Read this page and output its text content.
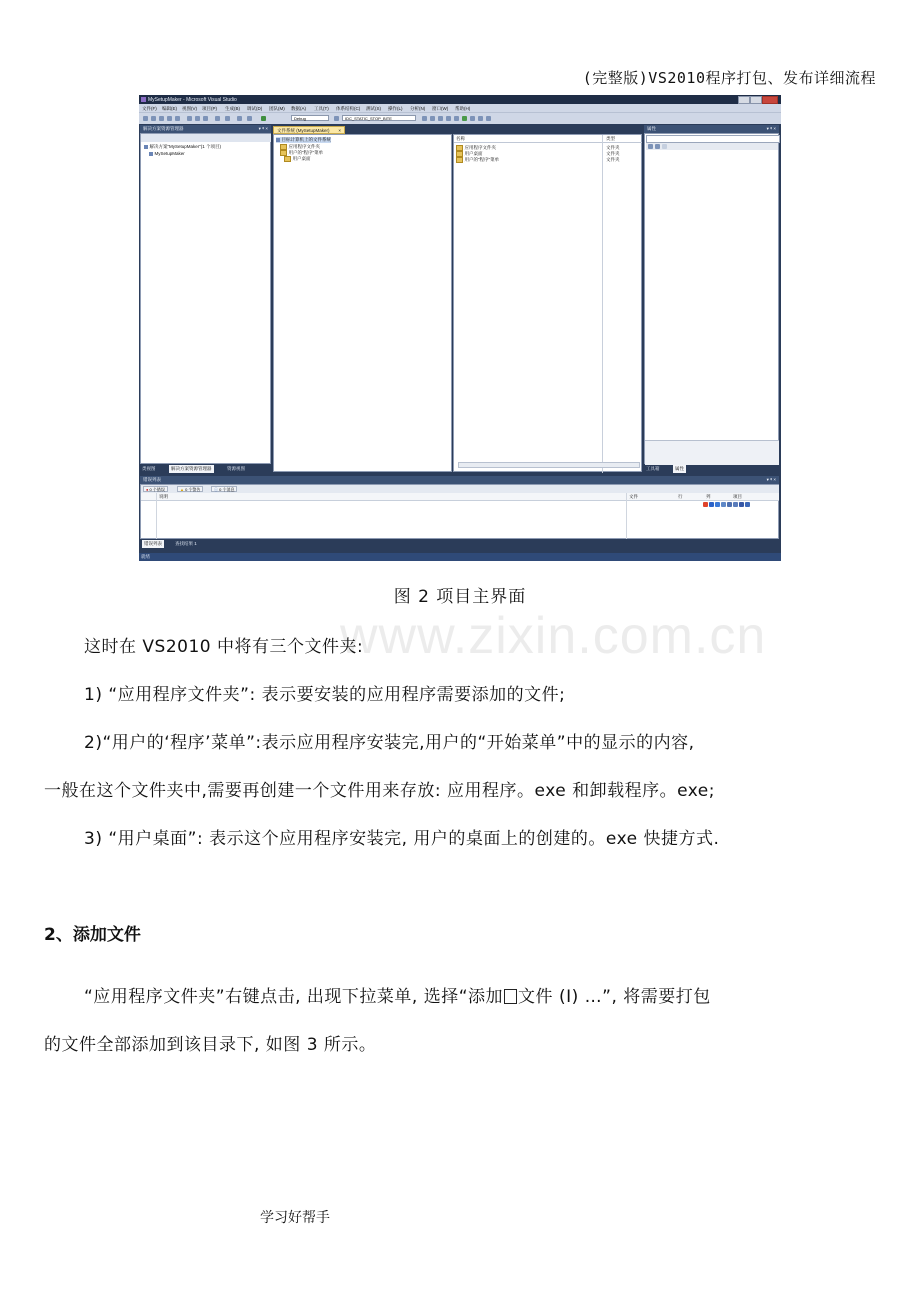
(完整版)VS2010程序打包、发布详细流程
MySetupMaker - Microsoft Visual Studio
文件(F) 编辑(E) 视图(V) 项目(P) 生成(B) 调试(D) 团队(M) 数据(A) 工具(T) 体系结构(C) 测试(S) 操作(L) 分析(N) 窗口(W) 帮助(H)
Debug	IDC_STATIC_STOP_BITE
解决方案资源管理器	▾ ᵠ ×
解决方案“MySetupMaker”(1 个项目)
MySetupMaker
类视图	解决方案资源管理器	资源视图
文件系统 (MySetupMaker) ×
目标计算机上的文件系统
应用程序文件夹
用户的“程序”菜单
用户桌面
名称	类型
应用程序文件夹	文件夹
用户桌面	文件夹
用户的“程序”菜单	文件夹
属性	▾ ᵠ ×
工具箱	属性
错误列表	▾ ᵠ ×
● 0 个错误	▲ 0 个警告	ⓘ 0 个消息
说明	文件	行	列	项目
错误列表	查找结果 1
就绪
图 2 项目主界面
www.zixin.com.cn
这时在 VS2010 中将有三个文件夹:
1) “应用程序文件夹”: 表示要安装的应用程序需要添加的文件;
2)“用户的‘程序’菜单”:表示应用程序安装完,用户的“开始菜单”中的显示的内容,
一般在这个文件夹中,需要再创建一个文件用来存放: 应用程序。exe 和卸载程序。exe;
3) “用户桌面”: 表示这个应用程序安装完, 用户的桌面上的创建的。exe 快捷方式.
2、添加文件
“应用程序文件夹”右键点击, 出现下拉菜单, 选择“添加 文件 (I) …”, 将需要打包
的文件全部添加到该目录下, 如图 3 所示。
学习好帮手
